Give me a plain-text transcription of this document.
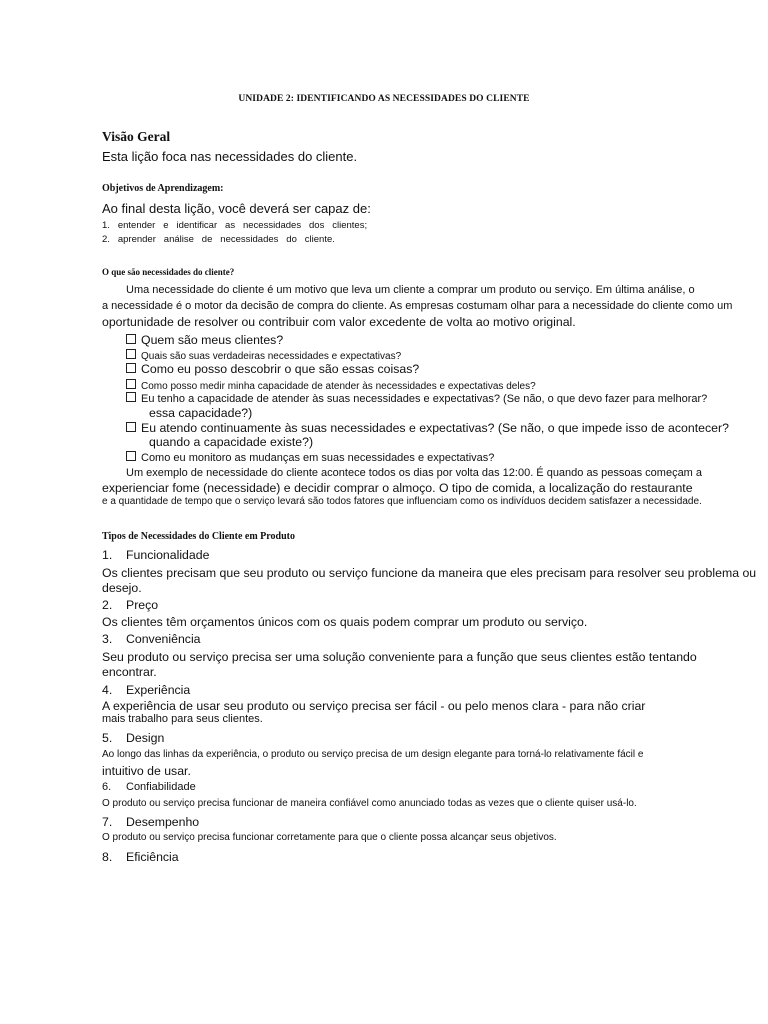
UNIDADE 2: IDENTIFICANDO AS NECESSIDADES DO CLIENTE
Visão Geral
Esta lição foca nas necessidades do cliente.
Objetivos de Aprendizagem:
Ao final desta lição, você deverá ser capaz de:
1.   entender   e   identificar   as   necessidades   dos   clientes;
2.   aprender   análise   de   necessidades   do   cliente.
O que são necessidades do cliente?
Uma necessidade do cliente é um motivo que leva um cliente a comprar um produto ou serviço. Em última análise, o
a necessidade é o motor da decisão de compra do cliente. As empresas costumam olhar para a necessidade do cliente como um
oportunidade de resolver ou contribuir com valor excedente de volta ao motivo original.
Quem são meus clientes?
Quais são suas verdadeiras necessidades e expectativas?
Como eu posso descobrir o que são essas coisas?
Como posso medir minha capacidade de atender às necessidades e expectativas deles?
Eu tenho a capacidade de atender às suas necessidades e expectativas? (Se não, o que devo fazer para melhorar?
essa capacidade?)
Eu atendo continuamente às suas necessidades e expectativas? (Se não, o que impede isso de acontecer?
quando a capacidade existe?)
Como eu monitoro as mudanças em suas necessidades e expectativas?
Um exemplo de necessidade do cliente acontece todos os dias por volta das 12:00. É quando as pessoas começam a
experienciar fome (necessidade) e decidir comprar o almoço. O tipo de comida, a localização do restaurante
e a quantidade de tempo que o serviço levará são todos fatores que influenciam como os indivíduos decidem satisfazer a necessidade.
Tipos de Necessidades do Cliente em Produto
1. Funcionalidade
Os clientes precisam que seu produto ou serviço funcione da maneira que eles precisam para resolver seu problema ou
desejo.
2. Preço
Os clientes têm orçamentos únicos com os quais podem comprar um produto ou serviço.
3. Conveniência
Seu produto ou serviço precisa ser uma solução conveniente para a função que seus clientes estão tentando
encontrar.
4. Experiência
A experiência de usar seu produto ou serviço precisa ser fácil - ou pelo menos clara - para não criar
mais trabalho para seus clientes.
5. Design
Ao longo das linhas da experiência, o produto ou serviço precisa de um design elegante para torná-lo relativamente fácil e
intuitivo de usar.
6. Confiabilidade
O produto ou serviço precisa funcionar de maneira confiável como anunciado todas as vezes que o cliente quiser usá-lo.
7. Desempenho
O produto ou serviço precisa funcionar corretamente para que o cliente possa alcançar seus objetivos.
8. Eficiência
